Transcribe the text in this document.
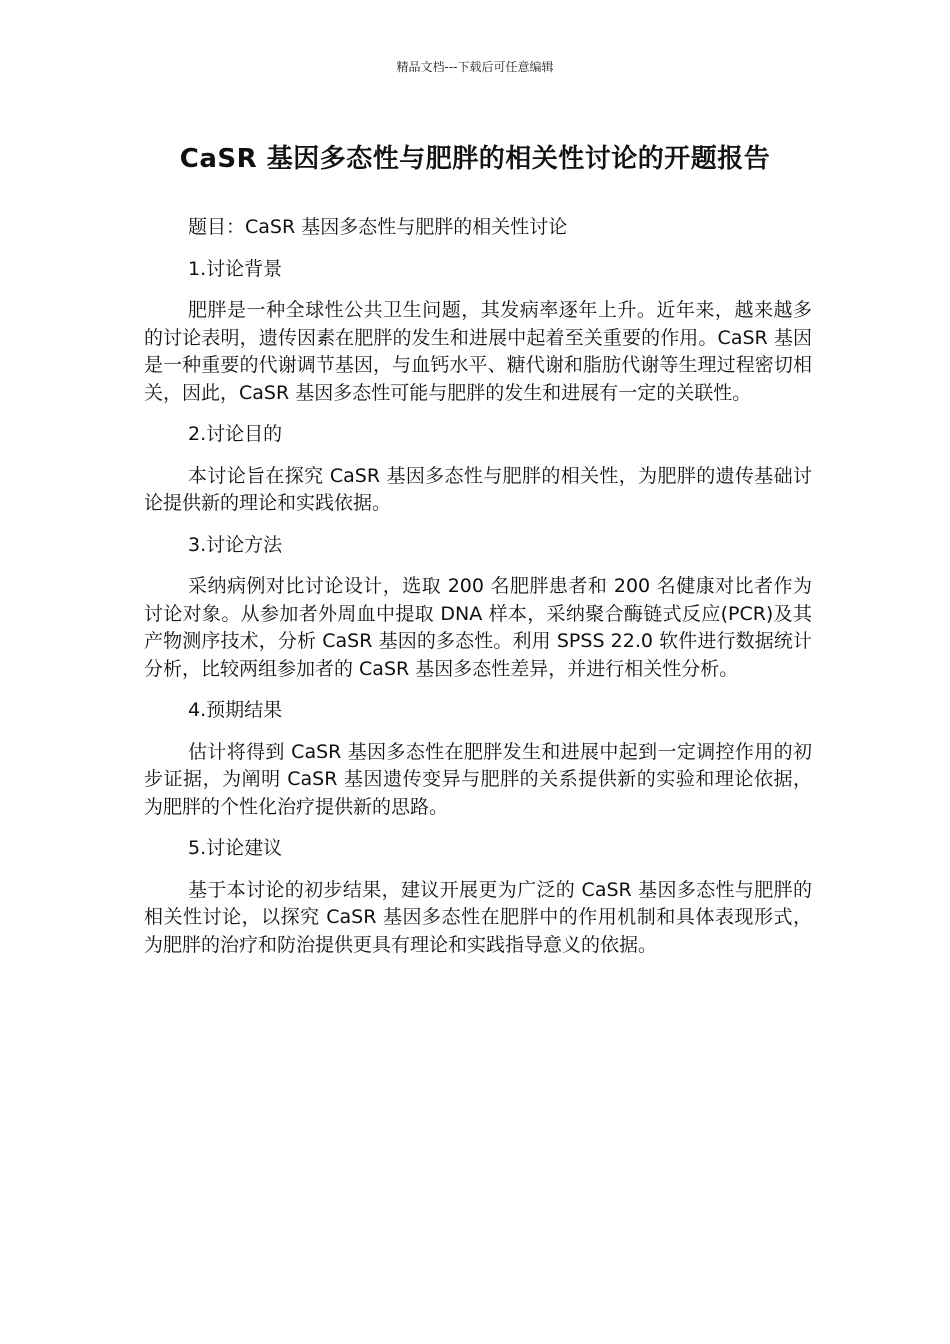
精品文档---下载后可任意编辑
CaSR 基因多态性与肥胖的相关性讨论的开题报告

题目：CaSR 基因多态性与肥胖的相关性讨论

1.讨论背景

肥胖是一种全球性公共卫生问题，其发病率逐年上升。近年来，越来越多的讨论表明，遗传因素在肥胖的发生和进展中起着至关重要的作用。CaSR 基因是一种重要的代谢调节基因，与血钙水平、糖代谢和脂肪代谢等生理过程密切相关，因此，CaSR 基因多态性可能与肥胖的发生和进展有一定的关联性。

2.讨论目的

本讨论旨在探究 CaSR 基因多态性与肥胖的相关性，为肥胖的遗传基础讨论提供新的理论和实践依据。

3.讨论方法

采纳病例对比讨论设计，选取 200 名肥胖患者和 200 名健康对比者作为讨论对象。从参加者外周血中提取 DNA 样本，采纳聚合酶链式反应(PCR)及其产物测序技术，分析 CaSR 基因的多态性。利用 SPSS 22.0 软件进行数据统计分析，比较两组参加者的 CaSR 基因多态性差异，并进行相关性分析。

4.预期结果

估计将得到 CaSR 基因多态性在肥胖发生和进展中起到一定调控作用的初步证据，为阐明 CaSR 基因遗传变异与肥胖的关系提供新的实验和理论依据，为肥胖的个性化治疗提供新的思路。

5.讨论建议

基于本讨论的初步结果，建议开展更为广泛的 CaSR 基因多态性与肥胖的相关性讨论，以探究 CaSR 基因多态性在肥胖中的作用机制和具体表现形式，为肥胖的治疗和防治提供更具有理论和实践指导意义的依据。
